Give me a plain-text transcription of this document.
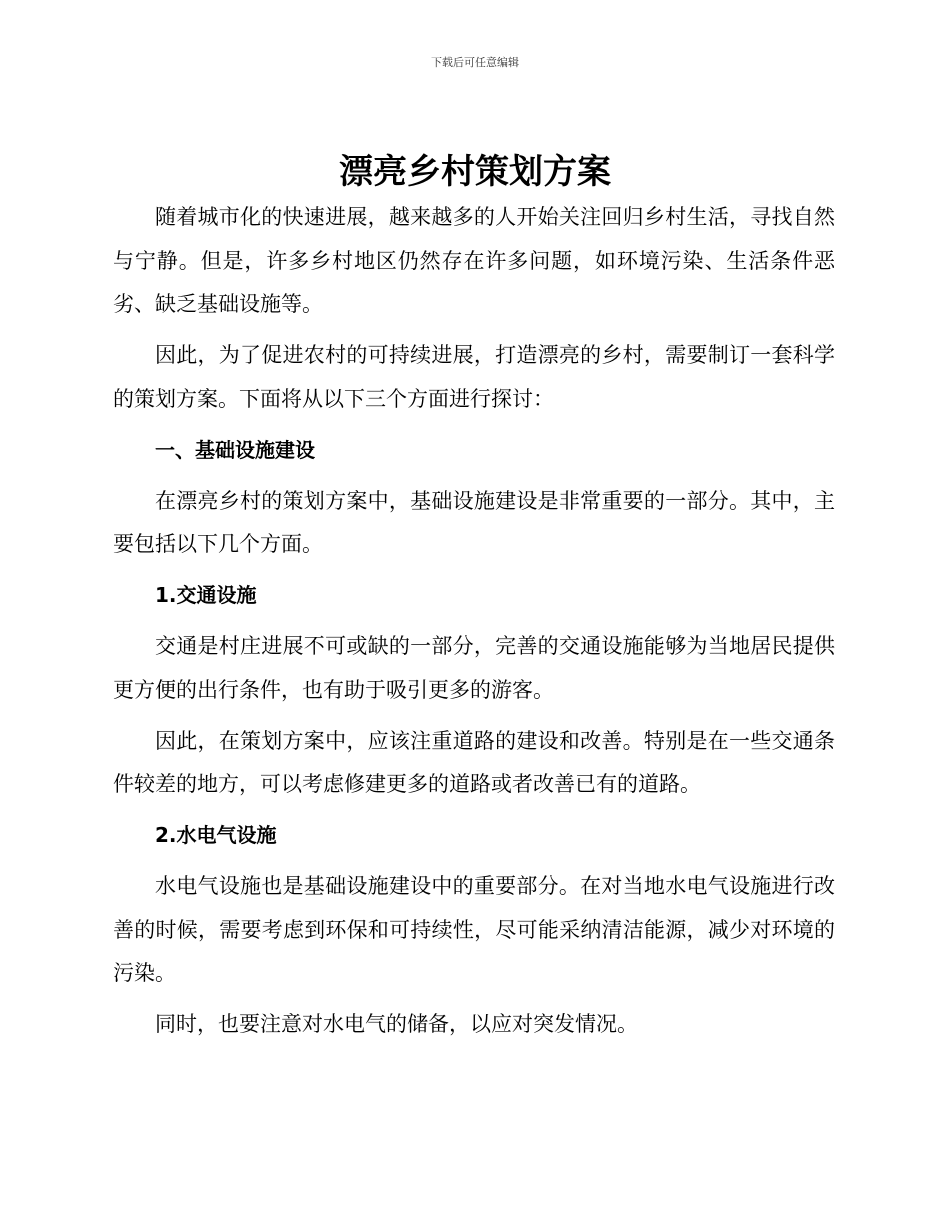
下载后可任意编辑
漂亮乡村策划方案

随着城市化的快速进展，越来越多的人开始关注回归乡村生活，寻找自然与宁静。但是，许多乡村地区仍然存在许多问题，如环境污染、生活条件恶劣、缺乏基础设施等。

因此，为了促进农村的可持续进展，打造漂亮的乡村，需要制订一套科学的策划方案。下面将从以下三个方面进行探讨：

一、基础设施建设

在漂亮乡村的策划方案中，基础设施建设是非常重要的一部分。其中，主要包括以下几个方面。

1.交通设施

交通是村庄进展不可或缺的一部分，完善的交通设施能够为当地居民提供更方便的出行条件，也有助于吸引更多的游客。

因此，在策划方案中，应该注重道路的建设和改善。特别是在一些交通条件较差的地方，可以考虑修建更多的道路或者改善已有的道路。

2.水电气设施

水电气设施也是基础设施建设中的重要部分。在对当地水电气设施进行改善的时候，需要考虑到环保和可持续性，尽可能采纳清洁能源，减少对环境的污染。

同时，也要注意对水电气的储备，以应对突发情况。
